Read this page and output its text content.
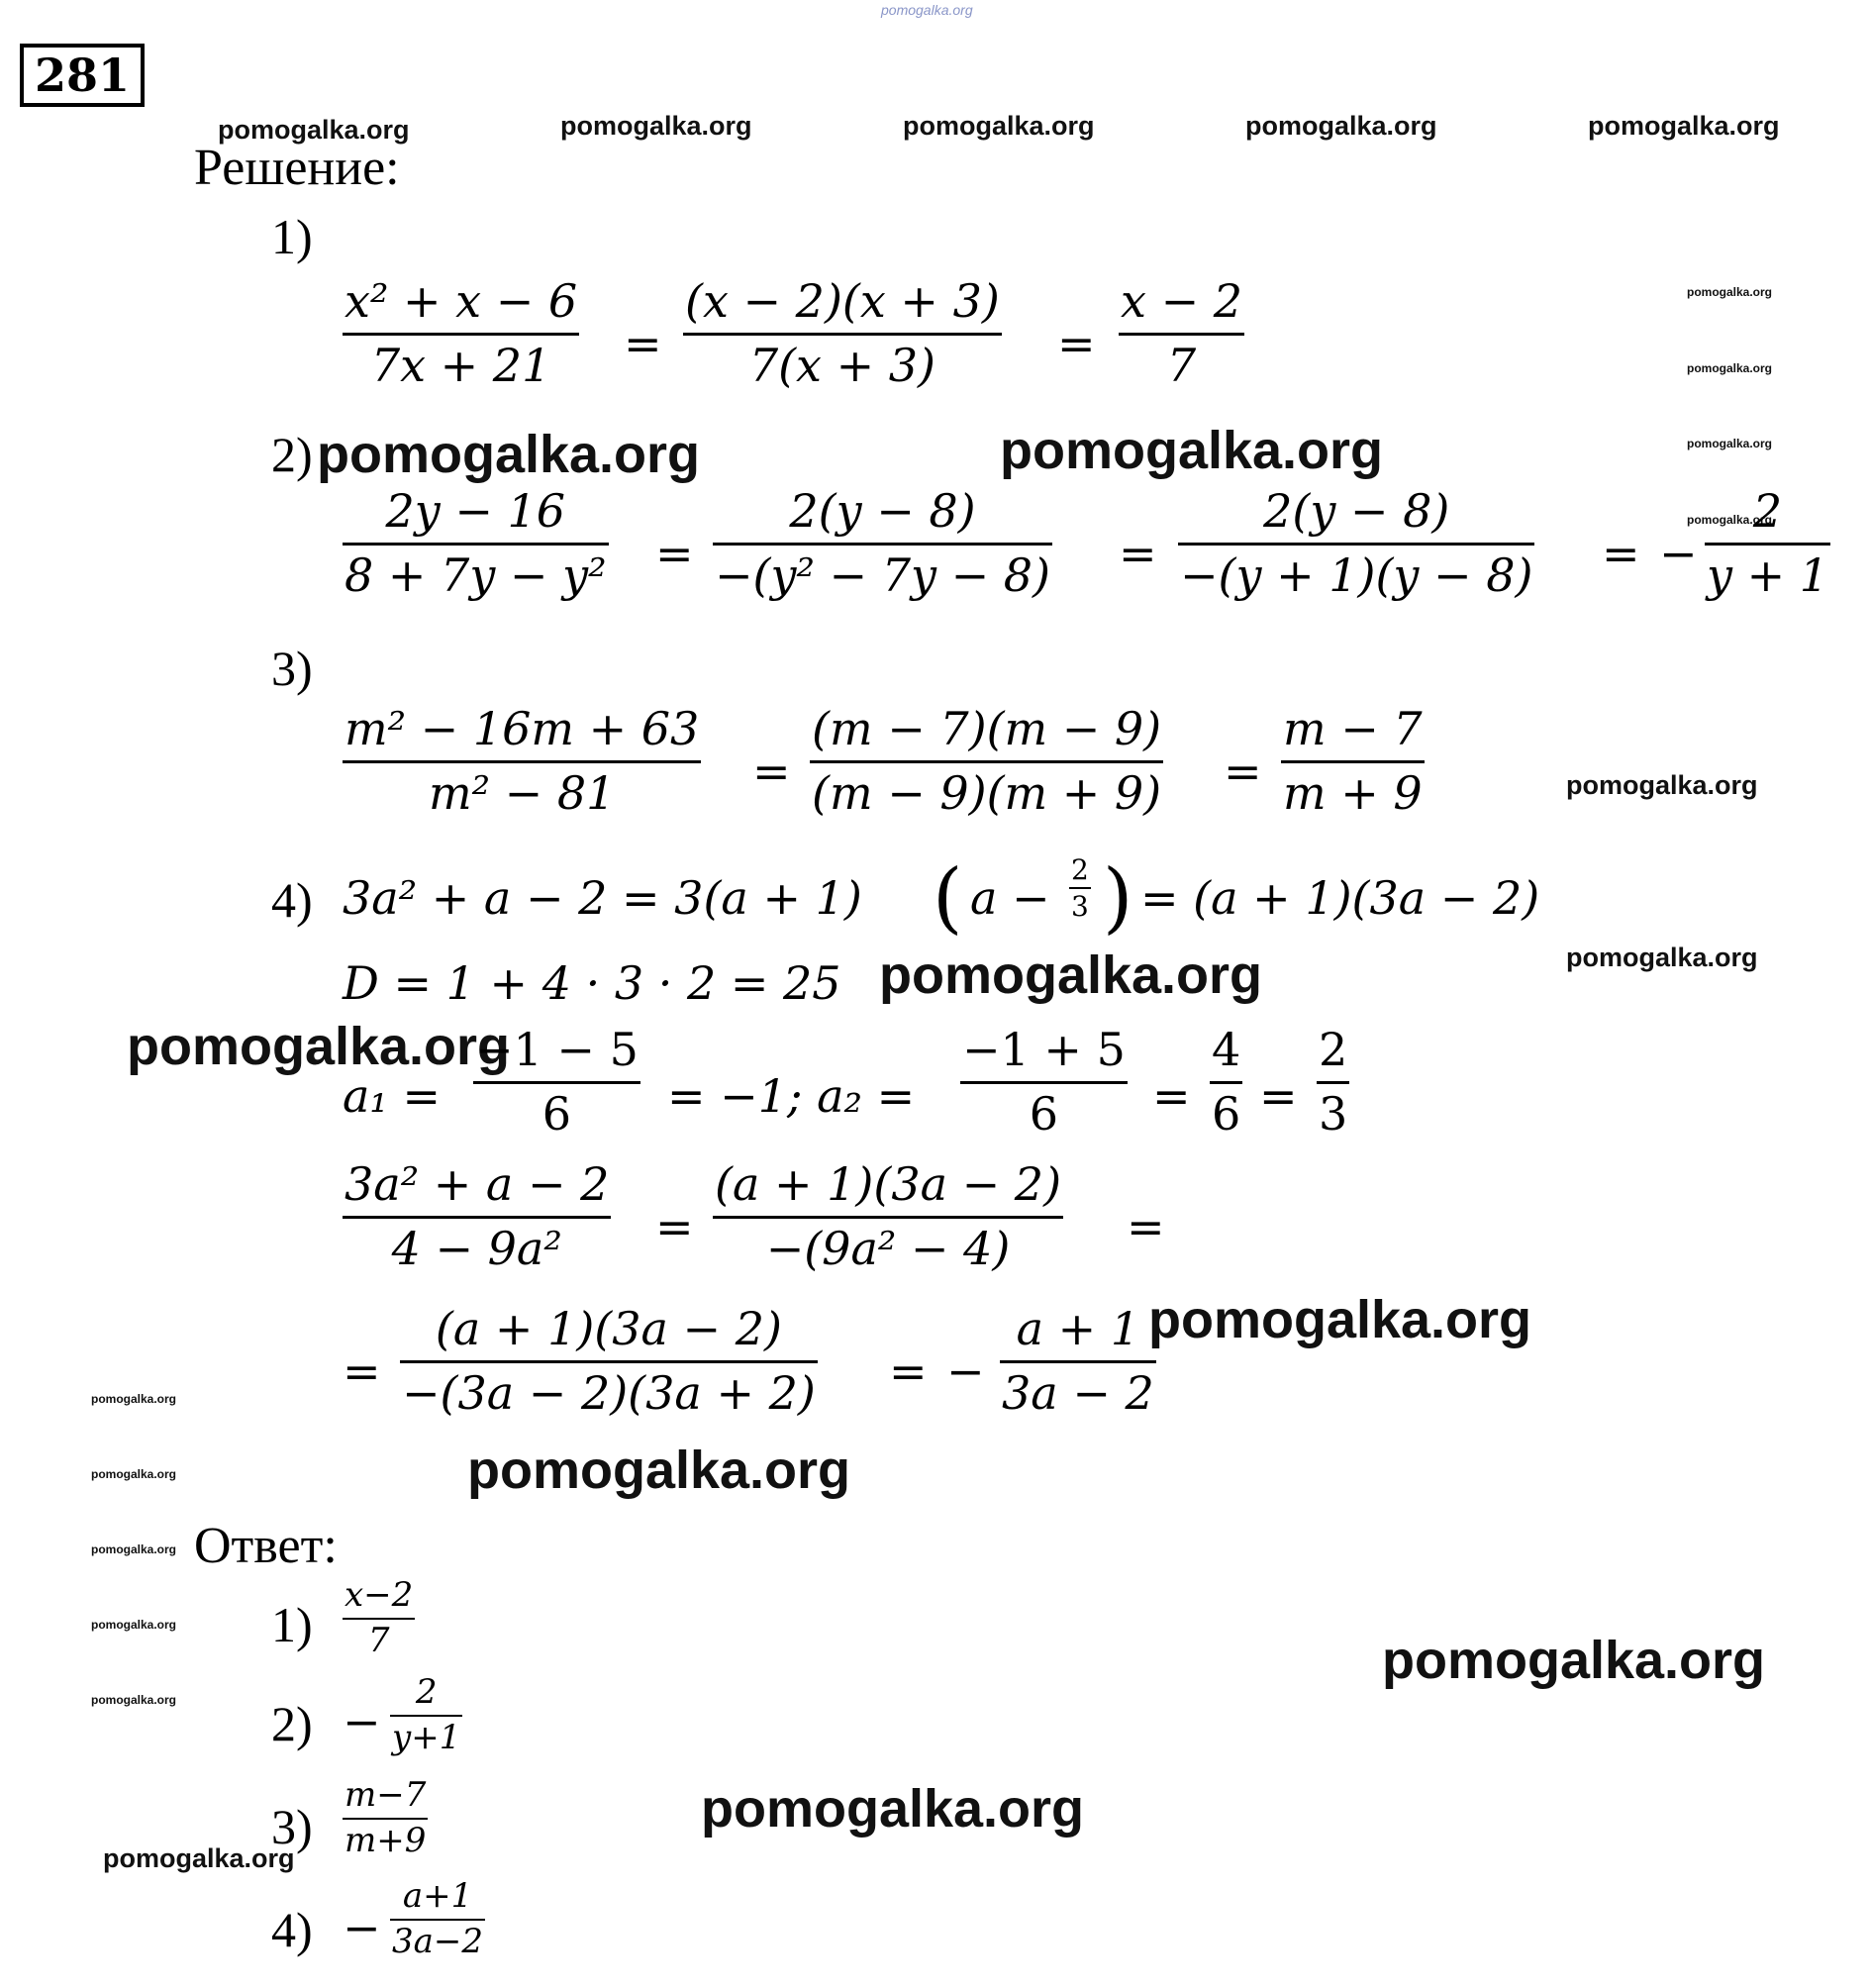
pomogalka.org
281
pomogalka.org	pomogalka.org	pomogalka.org	pomogalka.org	pomogalka.org
pomogalka.org
pomogalka.org
pomogalka.org
pomogalka.org
Решение:
1)
x² + x − 6
7x + 21 =
(x − 2)(x + 3)
7(x + 3)	=
x − 2
7
2) pomogalka.org	pomogalka.org
2y − 16
8 + 7y − y² =
2(y − 8)
−(y² − 7y − 8) =
2(y − 8)
−(y + 1)(y − 8) = −
2
y + 1
3)
m² − 16m + 63
m² − 81	=
(m − 7)(m − 9)
(m − 9)(m + 9) =
m − 7
m + 9	pomogalka.org
4) 3a² + a − 2 = 3(a + 1) ( a −
2
3 ) = (a + 1)(3a − 2)
pomogalka.org
D = 1 + 4 · 3 · 2 = 25 pomogalka.org
pomogalka.org
a₁ =
−1 − 5
6 = −1; a₂ =
−1 + 5
6 =
4
6 =
2
3
3a² + a − 2
4 − 9a² =
(a + 1)(3a − 2)
−(9a² − 4)	=
=
(a + 1)(3a − 2)
−(3a − 2)(3a + 2) = −
a + 1
3a − 2
pomogalka.org
pomogalka.org
pomogalka.org
pomogalka.org
pomogalka.org
pomogalka.org
pomogalka.org
Ответ:
1)
x−2
7	pomogalka.org
2) −
2
y+1
3)
m−7
m+9
pomogalka.org
pomogalka.org
4) −
a+1
3a−2
